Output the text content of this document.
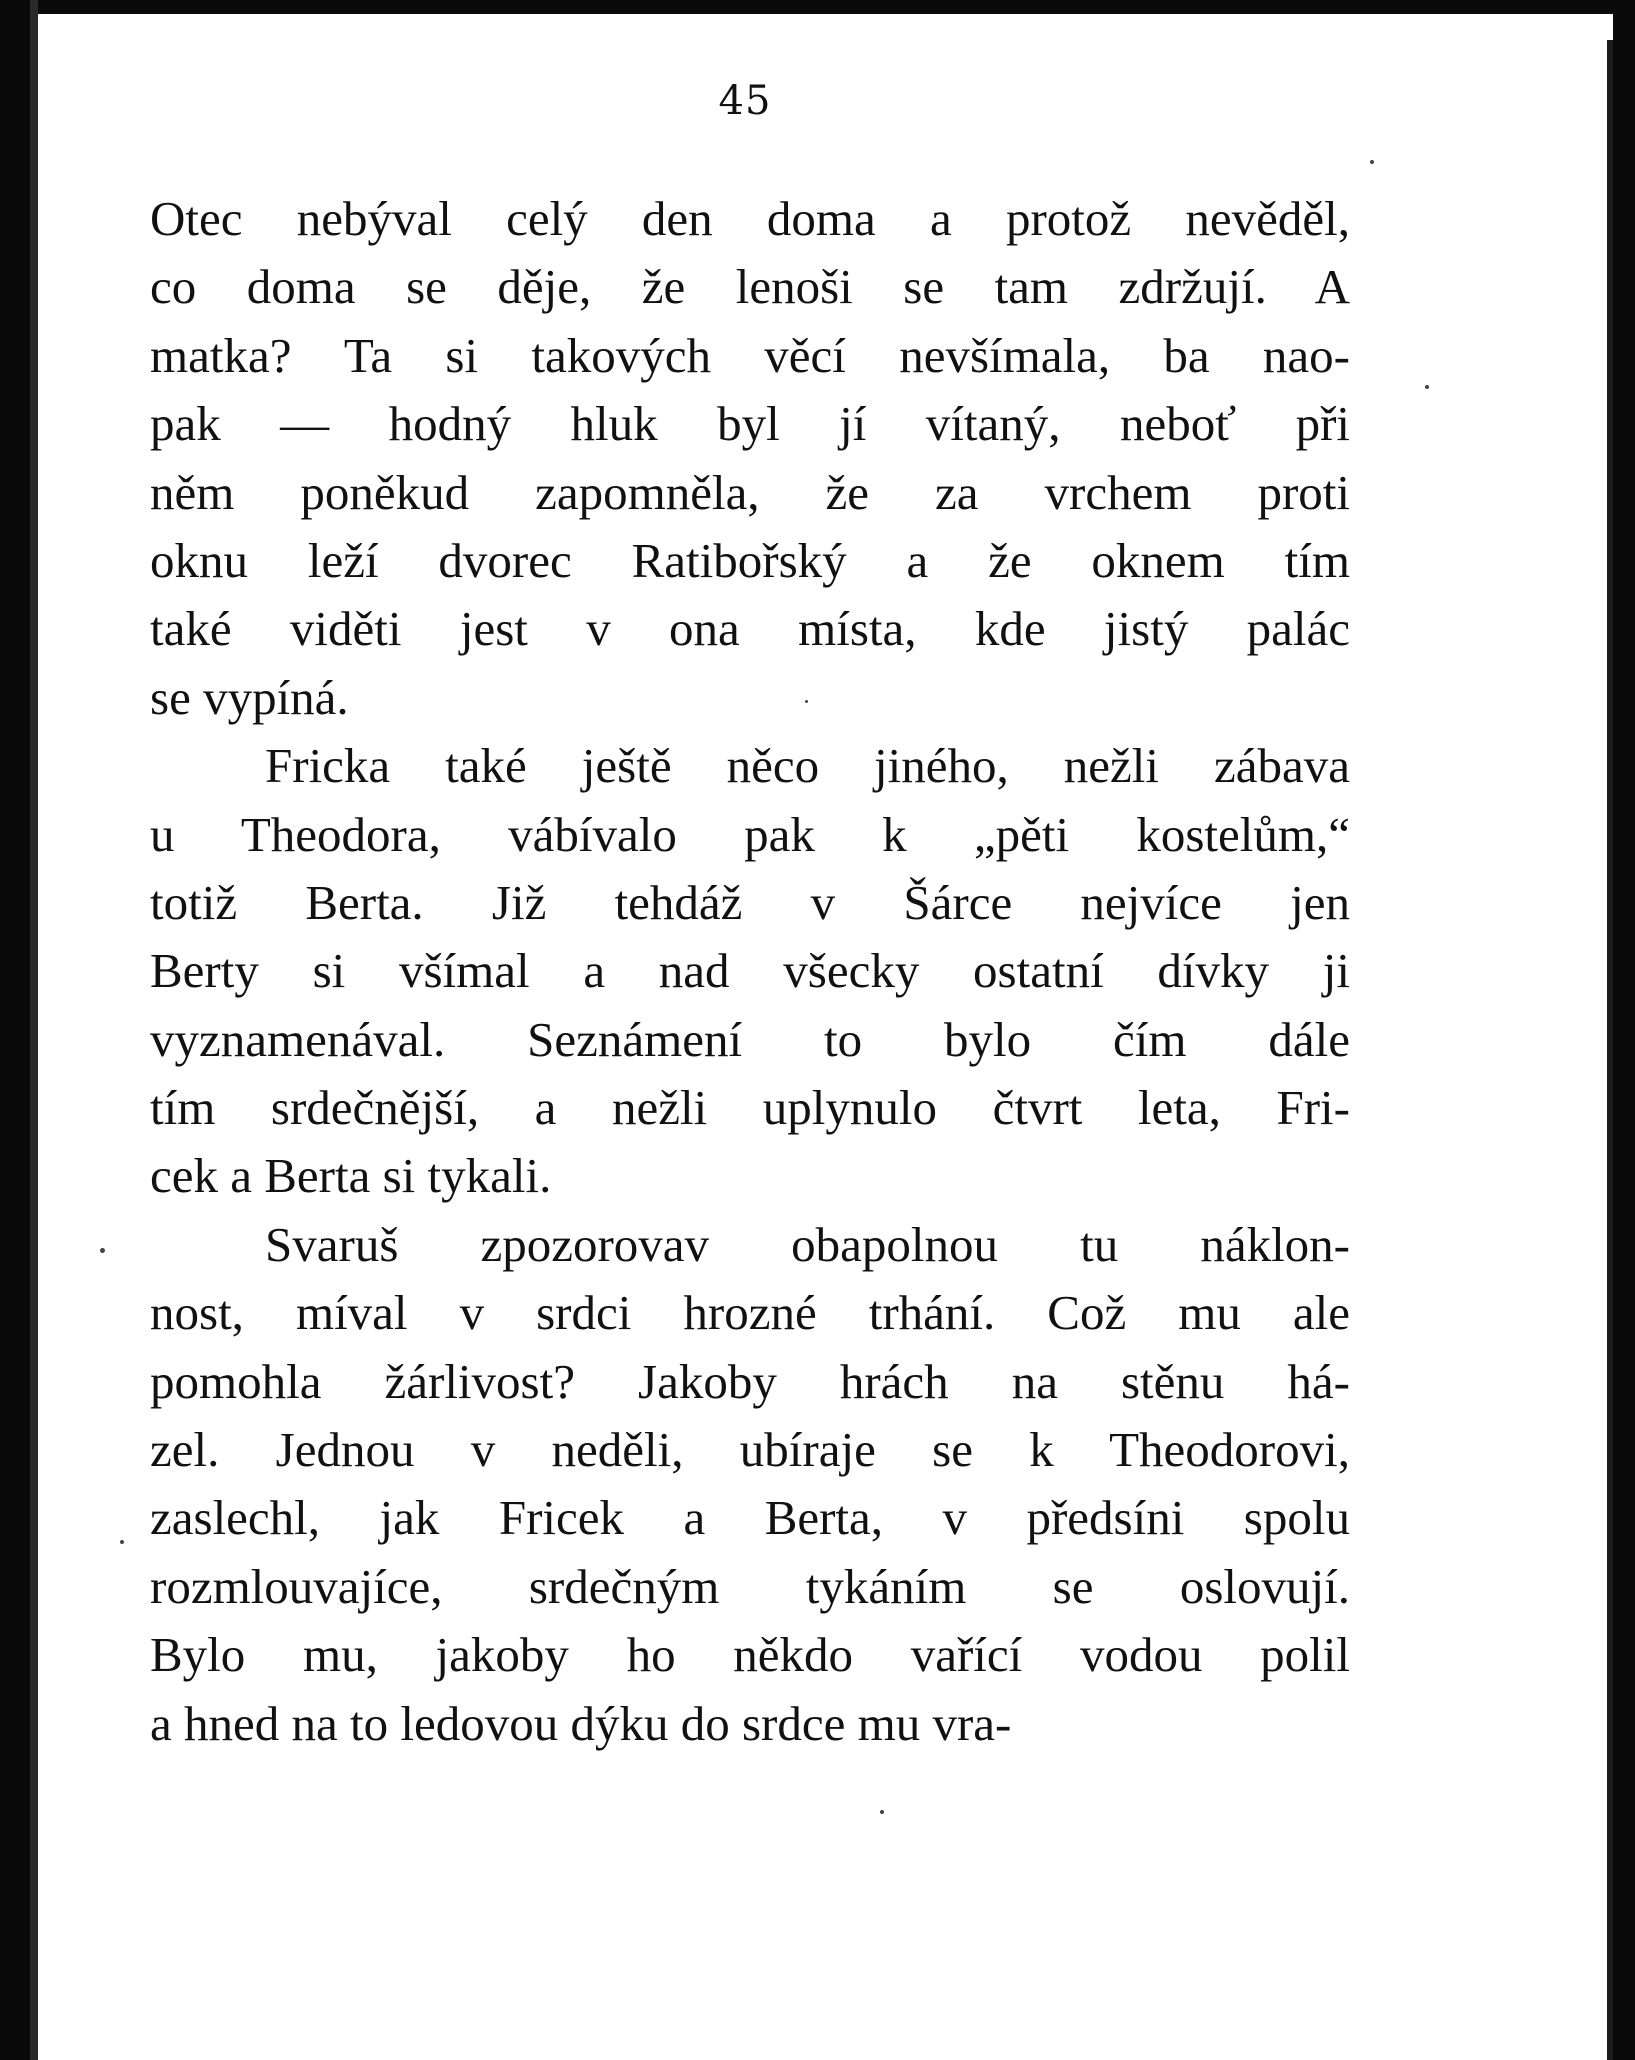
45
Otec nebýval celý den doma a protož nevěděl,
co doma se děje, že lenoši se tam zdržují. A
matka? Ta si takových věcí nevšímala, ba nao-
pak — hodný hluk byl jí vítaný, neboť při
něm poněkud zapomněla, že za vrchem proti
oknu leží dvorec Ratibořský a že oknem tím
také viděti jest v ona místa, kde jistý palác
se vypíná.
Fricka také ještě něco jiného, nežli zábava
u Theodora, vábívalo pak k „pěti kostelům,“
totiž Berta. Již tehdáž v Šárce nejvíce jen
Berty si všímal a nad všecky ostatní dívky ji
vyznamenával. Seznámení to bylo čím dále
tím srdečnější, a nežli uplynulo čtvrt leta, Fri-
cek a Berta si tykali.
Svaruš zpozorovav obapolnou tu náklon-
nost, míval v srdci hrozné trhání. Což mu ale
pomohla žárlivost? Jakoby hrách na stěnu há-
zel. Jednou v neděli, ubíraje se k Theodorovi,
zaslechl, jak Fricek a Berta, v předsíni spolu
rozmlouvajíce, srdečným tykáním se oslovují.
Bylo mu, jakoby ho někdo vařící vodou polil
a hned na to ledovou dýku do srdce mu vra-
